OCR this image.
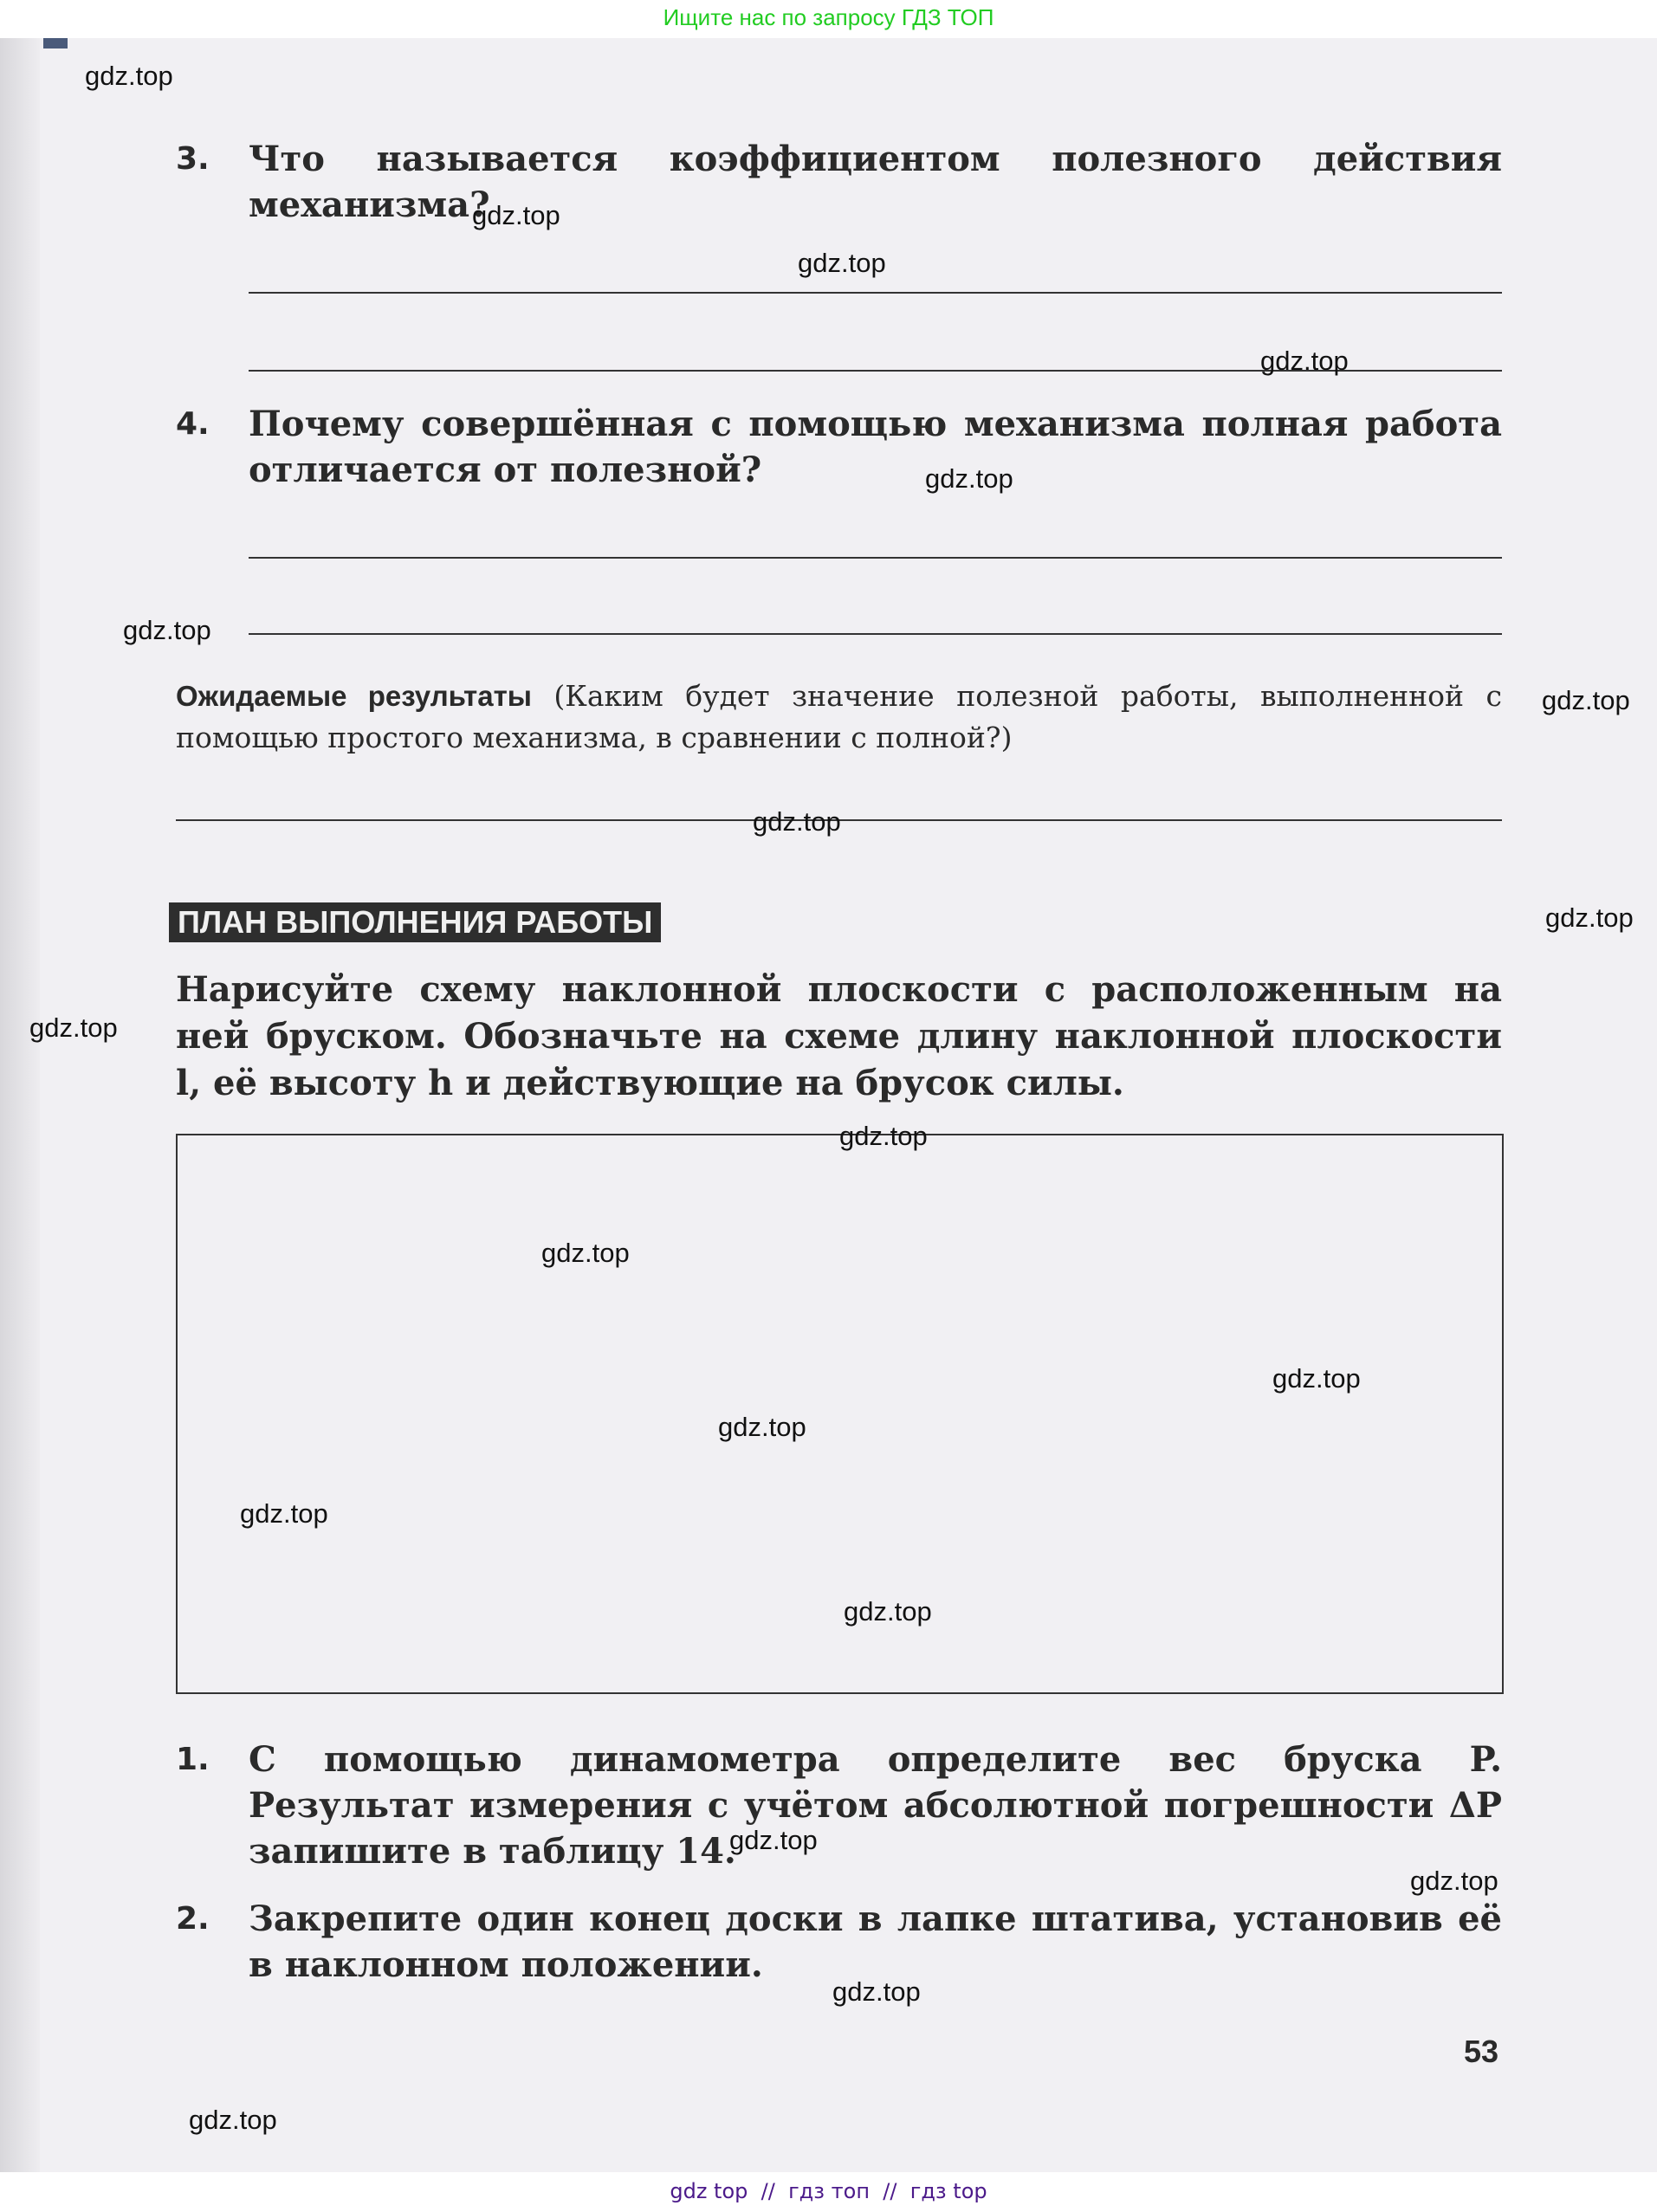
Ищите нас по запросу ГДЗ ТОП
3. Что называется коэффициентом полезного действия механизма?
4. Почему совершённая с помощью механизма полная работа отличается от полезной?
Ожидаемые результаты (Каким будет значение полезной работы, выполненной с помощью простого механизма, в сравнении с полной?)
ПЛАН ВЫПОЛНЕНИЯ РАБОТЫ
Нарисуйте схему наклонной плоскости с расположенным на ней бруском. Обозначьте на схеме длину наклонной плоскости l, её высоту h и действующие на брусок силы.
1. С помощью динамометра определите вес бруска P. Результат измерения с учётом абсолютной погрешности ΔP запишите в таблицу 14.
2. Закрепите один конец доски в лапке штатива, установив её в наклонном положении.
53
gdz.top
gdz.top
gdz.top
gdz.top
gdz.top
gdz.top
gdz.top
gdz.top
gdz.top
gdz.top
gdz.top
gdz.top
gdz.top
gdz.top
gdz.top
gdz.top
gdz.top
gdz.top
gdz.top
gdz.top
gdz top  //  гдз топ  //  гдз top
